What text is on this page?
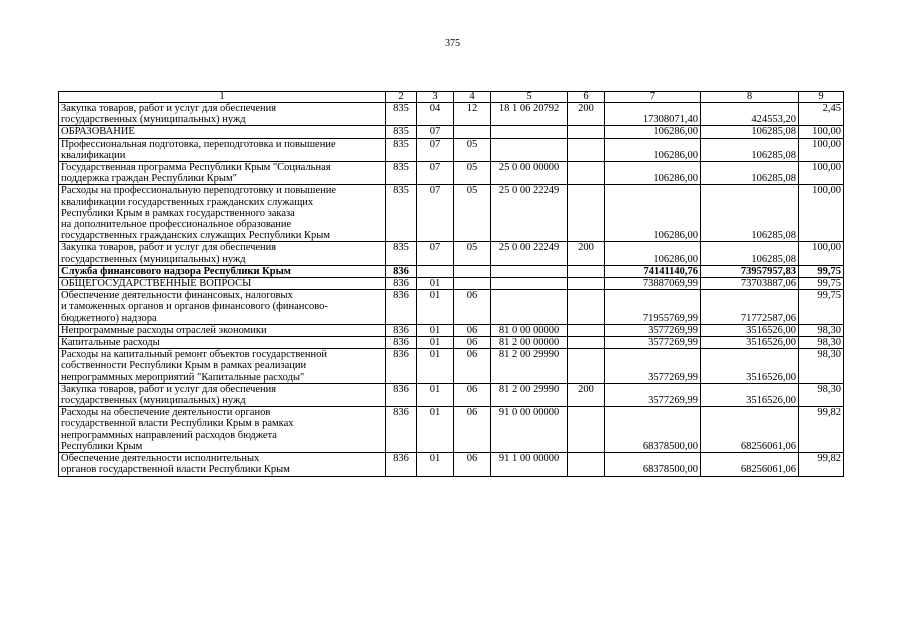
375
1	2	3	4	5	6	7	8	9

Закупка товаров, работ и услуг для обеспечения
государственных (муниципальных) нужд	835	04	12	18 1 06 20792	200	17308071,40	424553,20	2,45

ОБРАЗОВАНИЕ	835	07				106286,00	106285,08	100,00

Профессиональная подготовка, переподготовка и повышение
квалификации	835	07	05			106286,00	106285,08	100,00

Государственная программа Республики Крым "Социальная
поддержка граждан Республики Крым"	835	07	05	25 0 00 00000		106286,00	106285,08	100,00

Расходы на профессиональную переподготовку и повышение
квалификации государственных гражданских служащих
Республики Крым в рамках государственного заказа
на дополнительное профессиональное образование
государственных гражданских служащих Республики Крым	835	07	05	25 0 00 22249		106286,00	106285,08	100,00

Закупка товаров, работ и услуг для обеспечения
государственных (муниципальных) нужд	835	07	05	25 0 00 22249	200	106286,00	106285,08	100,00

Служба финансового надзора Республики Крым	836					74141140,76	73957957,83	99,75

ОБЩЕГОСУДАРСТВЕННЫЕ ВОПРОСЫ	836	01				73887069,99	73703887,06	99,75

Обеспечение деятельности финансовых, налоговых
и таможенных органов и органов финансового (финансово-
бюджетного) надзора	836	01	06			71955769,99	71772587,06	99,75

Непрограммные расходы отраслей экономики	836	01	06	81 0 00 00000		3577269,99	3516526,00	98,30

Капитальные расходы	836	01	06	81 2 00 00000		3577269,99	3516526,00	98,30

Расходы на капитальный ремонт объектов государственной
собственности Республики Крым в рамках реализации
непрограммных мероприятий "Капитальные расходы"	836	01	06	81 2 00 29990		3577269,99	3516526,00	98,30

Закупка товаров, работ и услуг для обеспечения
государственных (муниципальных) нужд	836	01	06	81 2 00 29990	200	3577269,99	3516526,00	98,30

Расходы на обеспечение деятельности органов
государственной власти Республики Крым в рамках
непрограммных направлений расходов бюджета
Республики Крым	836	01	06	91 0 00 00000		68378500,00	68256061,06	99,82

Обеспечение деятельности исполнительных
органов государственной власти Республики Крым	836	01	06	91 1 00 00000		68378500,00	68256061,06	99,82
